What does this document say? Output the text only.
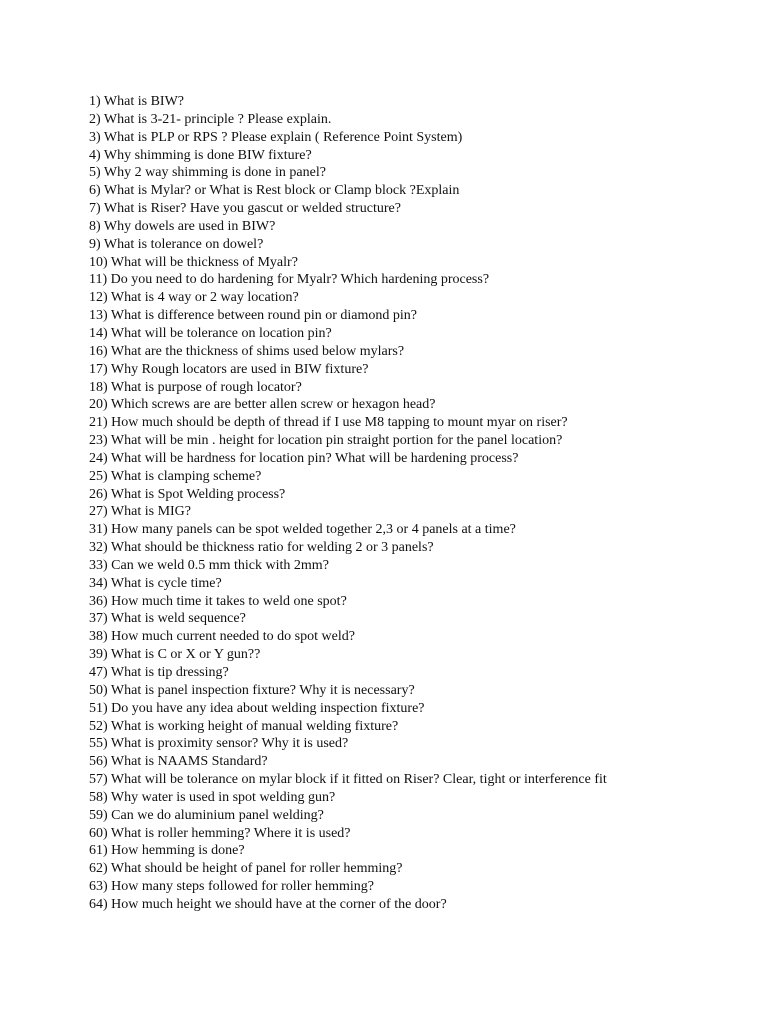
1) What is BIW?
2) What is 3-21- principle ? Please explain.
3) What is PLP or RPS ? Please explain ( Reference Point System)
4) Why shimming is done BIW fixture?
5) Why 2 way shimming is done in panel?
6) What is Mylar? or What is Rest block or Clamp block ?Explain
7) What is Riser? Have you gascut or welded structure?
8) Why dowels are used in BIW?
9) What is tolerance on dowel?
10) What will be thickness of Myalr?
11) Do you need to do hardening for Myalr? Which hardening process?
12) What is 4 way or 2 way location?
13) What is difference between round pin or diamond pin?
14) What will be tolerance on location pin?
16) What are the thickness of shims used below mylars?
17) Why Rough locators are used in BIW fixture?
18) What is purpose of rough locator?
20) Which screws are are better allen screw or hexagon head?
21) How much should be depth of thread if I use M8 tapping to mount myar on riser?
23) What will be min . height for location pin straight portion for the panel location?
24) What will be hardness for location pin? What will be hardening process?
25) What is clamping scheme?
26) What is Spot Welding process?
27) What is MIG?
31) How many panels can be spot welded together 2,3 or 4 panels at a time?
32) What should be thickness ratio for welding 2 or 3 panels?
33) Can we weld 0.5 mm thick with 2mm?
34) What is cycle time?
36) How much time it takes to weld one spot?
37) What is weld sequence?
38) How much current needed to do spot weld?
39) What is C or X or Y gun??
47) What is tip dressing?
50) What is panel inspection fixture? Why it is necessary?
51) Do you have any idea about welding inspection fixture?
52) What is working height of manual welding fixture?
55) What is proximity sensor? Why it is used?
56) What is NAAMS Standard?
57) What will be tolerance on mylar block if it fitted on Riser? Clear, tight or interference fit
58) Why water is used in spot welding gun?
59) Can we do aluminium panel welding?
60) What is roller hemming? Where it is used?
61) How hemming is done?
62) What should be height of panel for roller hemming?
63) How many steps followed for roller hemming?
64) How much height we should have at the corner of the door?
